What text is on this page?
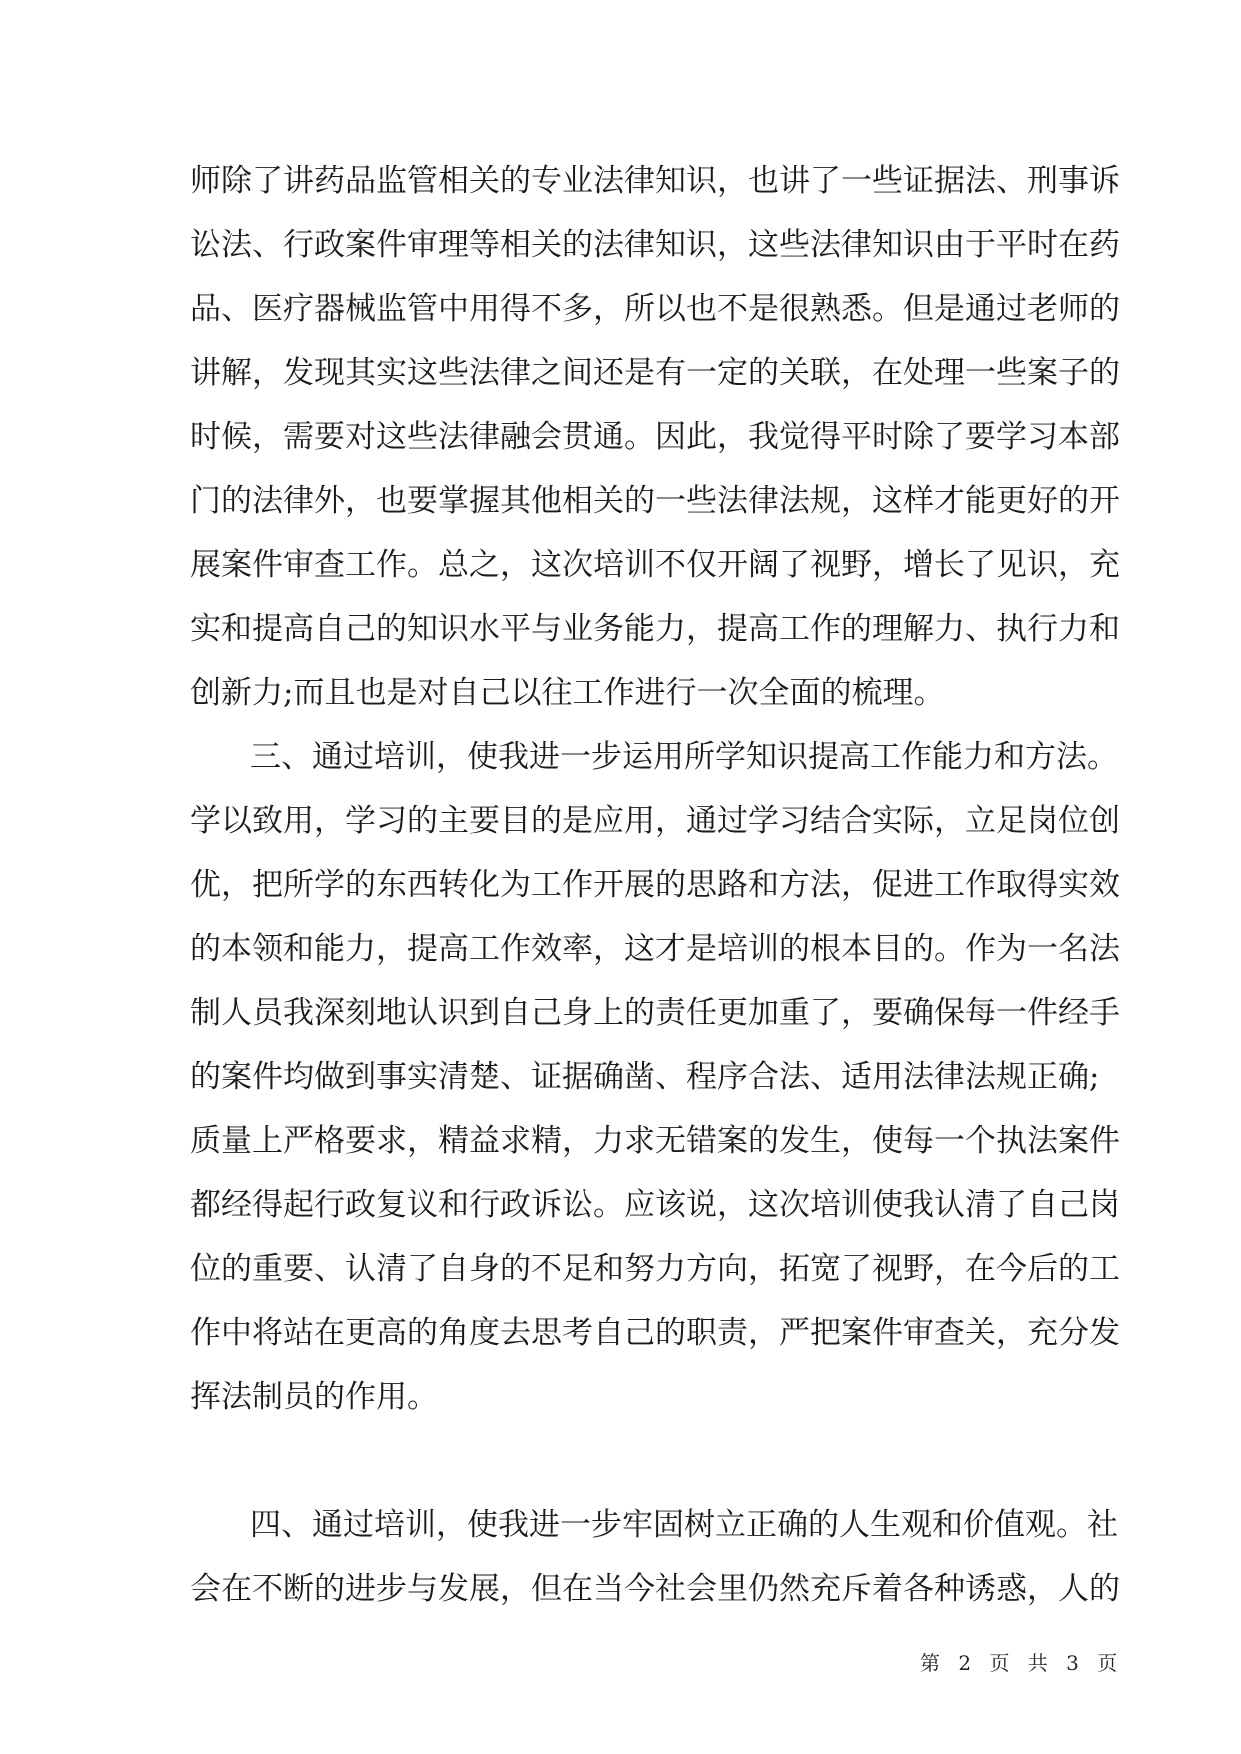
师除了讲药品监管相关的专业法律知识，也讲了一些证据法、刑事诉
讼法、行政案件审理等相关的法律知识，这些法律知识由于平时在药
品、医疗器械监管中用得不多，所以也不是很熟悉。但是通过老师的
讲解，发现其实这些法律之间还是有一定的关联，在处理一些案子的
时候，需要对这些法律融会贯通。因此，我觉得平时除了要学习本部
门的法律外，也要掌握其他相关的一些法律法规，这样才能更好的开
展案件审查工作。总之，这次培训不仅开阔了视野，增长了见识，充
实和提高自己的知识水平与业务能力，提高工作的理解力、执行力和
创新力;而且也是对自己以往工作进行一次全面的梳理。
三、通过培训，使我进一步运用所学知识提高工作能力和方法。
学以致用，学习的主要目的是应用，通过学习结合实际，立足岗位创
优，把所学的东西转化为工作开展的思路和方法，促进工作取得实效
的本领和能力，提高工作效率，这才是培训的根本目的。作为一名法
制人员我深刻地认识到自己身上的责任更加重了，要确保每一件经手
的案件均做到事实清楚、证据确凿、程序合法、适用法律法规正确;
质量上严格要求，精益求精，力求无错案的发生，使每一个执法案件
都经得起行政复议和行政诉讼。应该说，这次培训使我认清了自己岗
位的重要、认清了自身的不足和努力方向，拓宽了视野，在今后的工
作中将站在更高的角度去思考自己的职责，严把案件审查关，充分发
挥法制员的作用。
四、通过培训，使我进一步牢固树立正确的人生观和价值观。社
会在不断的进步与发展，但在当今社会里仍然充斥着各种诱惑，人的
第 2 页 共 3 页
